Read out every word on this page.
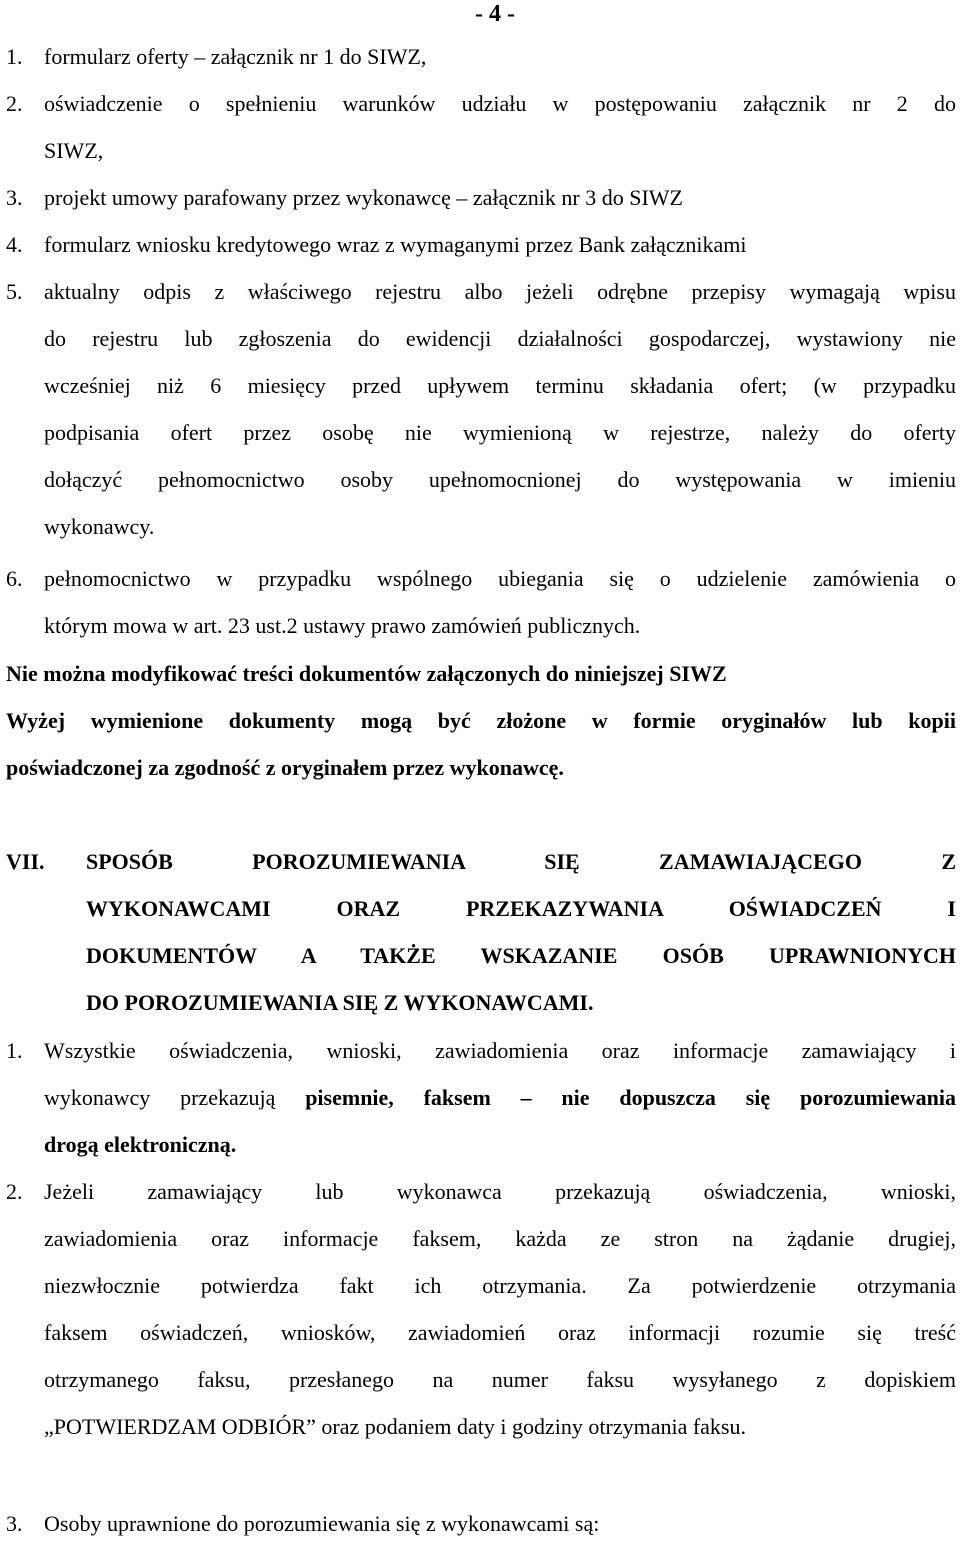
- 4 -
1. formularz oferty – załącznik nr 1 do SIWZ,
2. oświadczenie o spełnieniu warunków udziału w postępowaniu załącznik nr 2 do
SIWZ,
3. projekt umowy parafowany przez wykonawcę – załącznik nr 3 do SIWZ
4. formularz wniosku kredytowego wraz z wymaganymi przez Bank załącznikami
5. aktualny odpis z właściwego rejestru albo jeżeli odrębne przepisy wymagają wpisu
do rejestru lub zgłoszenia do ewidencji działalności gospodarczej, wystawiony nie
wcześniej niż 6 miesięcy przed upływem terminu składania ofert; (w przypadku
podpisania ofert przez osobę nie wymienioną w rejestrze, należy do oferty
dołączyć pełnomocnictwo osoby upełnomocnionej do występowania w imieniu
wykonawcy.
6. pełnomocnictwo w przypadku wspólnego ubiegania się o udzielenie zamówienia o
którym mowa w art. 23 ust.2 ustawy prawo zamówień publicznych.
Nie można modyfikować treści dokumentów załączonych do niniejszej SIWZ
Wyżej wymienione dokumenty mogą być złożone w formie oryginałów lub kopii
poświadczonej za zgodność z oryginałem przez wykonawcę.
VII.	SPOSÓB POROZUMIEWANIA SIĘ ZAMAWIAJĄCEGO Z
WYKONAWCAMI ORAZ PRZEKAZYWANIA OŚWIADCZEŃ I
DOKUMENTÓW A TAKŻE WSKAZANIE OSÓB UPRAWNIONYCH
DO POROZUMIEWANIA SIĘ Z WYKONAWCAMI.
1. Wszystkie oświadczenia, wnioski, zawiadomienia oraz informacje zamawiający i
wykonawcy przekazują pisemnie, faksem – nie dopuszcza się porozumiewania
drogą elektroniczną.
2. Jeżeli zamawiający lub wykonawca przekazują oświadczenia, wnioski,
zawiadomienia oraz informacje faksem, każda ze stron na żądanie drugiej,
niezwłocznie potwierdza fakt ich otrzymania. Za potwierdzenie otrzymania
faksem oświadczeń, wniosków, zawiadomień oraz informacji rozumie się treść
otrzymanego faksu, przesłanego na numer faksu wysyłanego z dopiskiem
„POTWIERDZAM ODBIÓR” oraz podaniem daty i godziny otrzymania faksu.
3. Osoby uprawnione do porozumiewania się z wykonawcami są:
